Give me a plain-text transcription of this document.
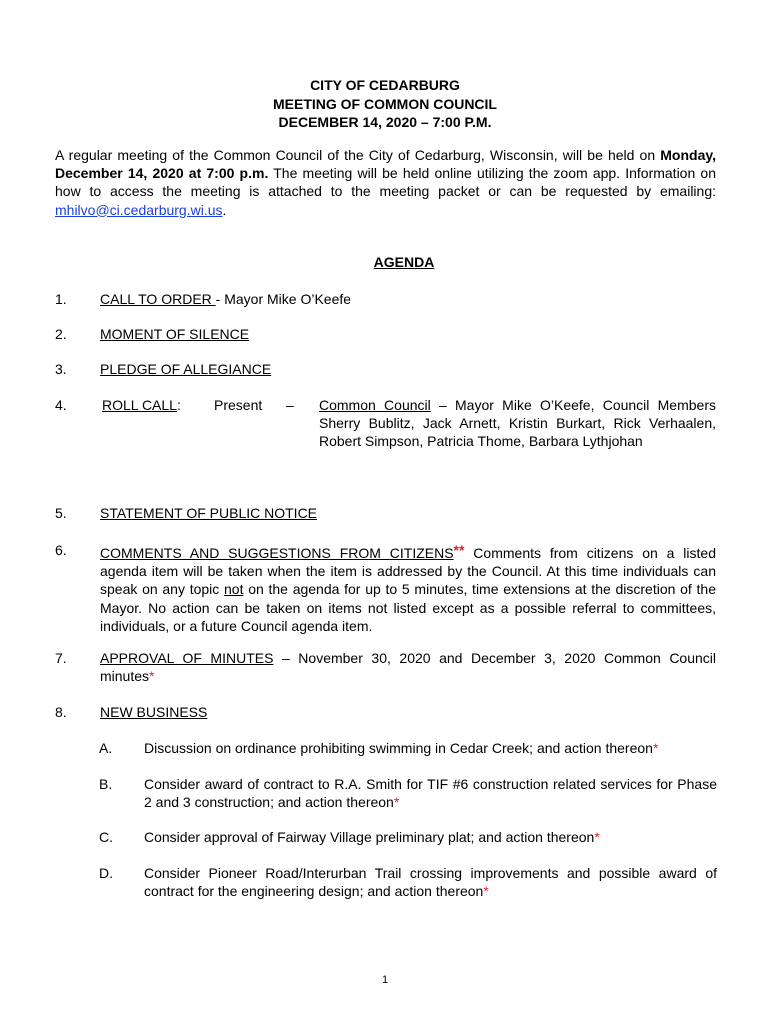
CITY OF CEDARBURG
MEETING OF COMMON COUNCIL
DECEMBER 14, 2020 – 7:00 P.M.
A regular meeting of the Common Council of the City of Cedarburg, Wisconsin, will be held on Monday, December 14, 2020 at 7:00 p.m. The meeting will be held online utilizing the zoom app. Information on how to access the meeting is attached to the meeting packet or can be requested by emailing: mhilvo@ci.cedarburg.wi.us.
AGENDA
1. CALL TO ORDER - Mayor Mike O’Keefe
2. MOMENT OF SILENCE
3. PLEDGE OF ALLEGIANCE
4.	ROLL CALL: Present – Common Council – Mayor Mike O’Keefe, Council Members Sherry Bublitz, Jack Arnett, Kristin Burkart, Rick Verhaalen, Robert Simpson, Patricia Thome, Barbara Lythjohan
5. STATEMENT OF PUBLIC NOTICE
6. COMMENTS AND SUGGESTIONS FROM CITIZENS** Comments from citizens on a listed agenda item will be taken when the item is addressed by the Council. At this time individuals can speak on any topic not on the agenda for up to 5 minutes, time extensions at the discretion of the Mayor. No action can be taken on items not listed except as a possible referral to committees, individuals, or a future Council agenda item.
7. APPROVAL OF MINUTES – November 30, 2020 and December 3, 2020 Common Council minutes*
8. NEW BUSINESS
A. Discussion on ordinance prohibiting swimming in Cedar Creek; and action thereon*
B. Consider award of contract to R.A. Smith for TIF #6 construction related services for Phase 2 and 3 construction; and action thereon*
C. Consider approval of Fairway Village preliminary plat; and action thereon*
D. Consider Pioneer Road/Interurban Trail crossing improvements and possible award of contract for the engineering design; and action thereon*
1
